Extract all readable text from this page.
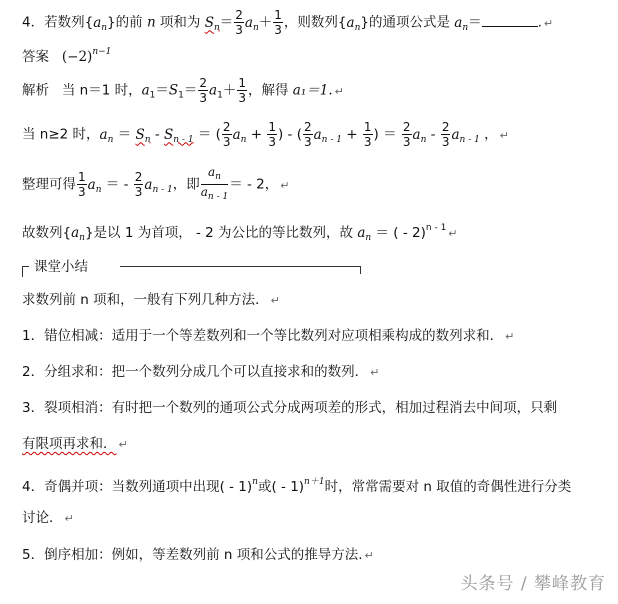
4．若数列$\{a_n\}$的前 n 项和为 $S_n= \frac{2}{3} a_n+ \frac{1}{3}$ ，则数列$\{a_n\}$的通项公式是 $a_n=$	. ↵
答案 $(-2)^{n-1}$
解析 当 n＝1 时，$a_1=S_1= \frac{2}{3} a_1+ \frac{1}{3}$ ，解得 a₁＝1. ↵
当 n≥2 时，$a_n = S_n - S_{n - 1}$ ＝ ( $\frac{2}{3} a_n + \frac{1}{3}$ ) - ( $\frac{2}{3} a_{n - 1} + \frac{1}{3}$ ) ＝ $\frac{2}{3} a_n - \frac{2}{3} a_{n - 1}$ ， ↵
整理可得 $\frac{1}{3} a_n$ ＝ - $\frac{2}{3} a_{n - 1}$，即 $\frac{a_n}{a_{n - 1}}$ ＝ - 2， ↵
故数列$\{a_n\}$是以 1 为首项， - 2 为公比的等比数列，故 $a_n$ ＝ ( - 2)$^{n - 1}$ ↵
课堂小结
求数列前 n 项和，一般有下列几种方法． ↵
1．错位相减：适用于一个等差数列和一个等比数列对应项相乘构成的数列求和． ↵
2．分组求和：把一个数列分成几个可以直接求和的数列． ↵
3．裂项相消：有时把一个数列的通项公式分成两项差的形式，相加过程消去中间项，只剩
有限项再求和． ↵
4．奇偶并项：当数列通项中出现( - 1)$^n$或( - 1)$^{n+1}$时，常常需要对 n 取值的奇偶性进行分类
讨论． ↵
5．倒序相加：例如，等差数列前 n 项和公式的推导方法. ↵
头条号 / 攀峰教育
